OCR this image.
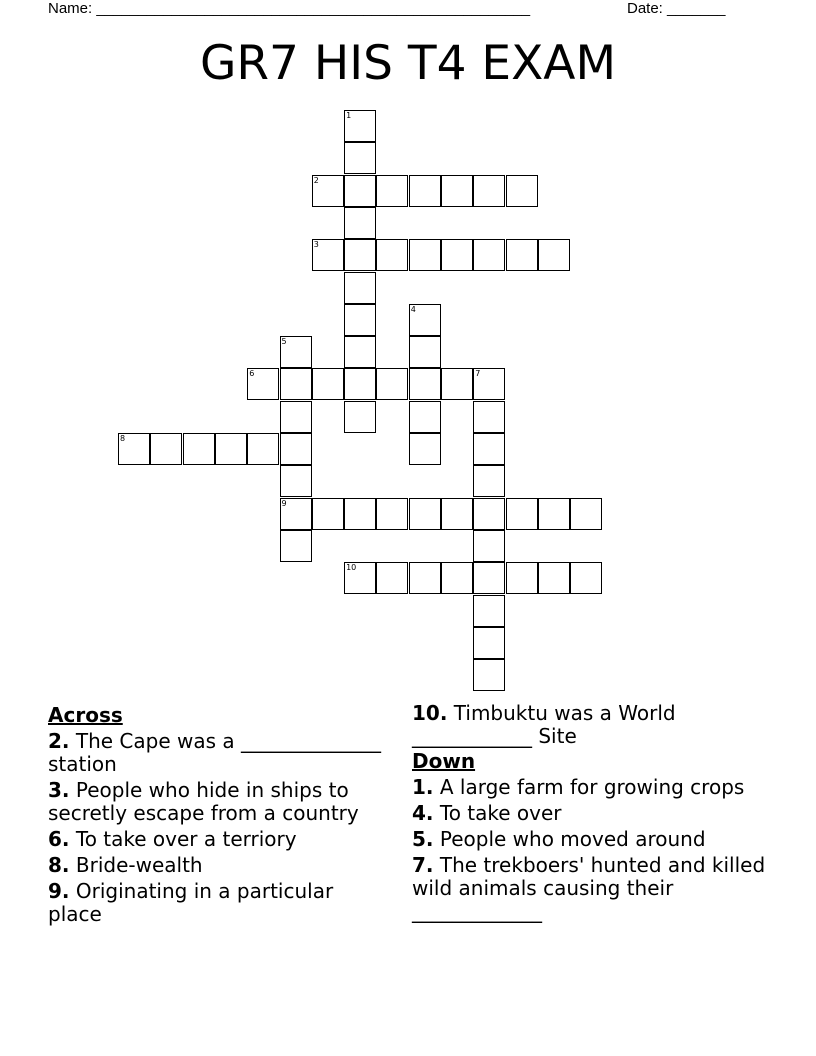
Name: ____________________________________________________	Date: _______
GR7 HIS T4 EXAM
1
2
3
4
5
9
6	7
8
10
Across
2. The Cape was a ______________ station
3. People who hide in ships to secretly escape from a country
6. To take over a terriory
8. Bride-wealth
9. Originating in a particular place
10. Timbuktu was a World ____________ Site
Down
1. A large farm for growing crops
4. To take over
5. People who moved around
7. The trekboers' hunted and killed wild animals causing their _____________
